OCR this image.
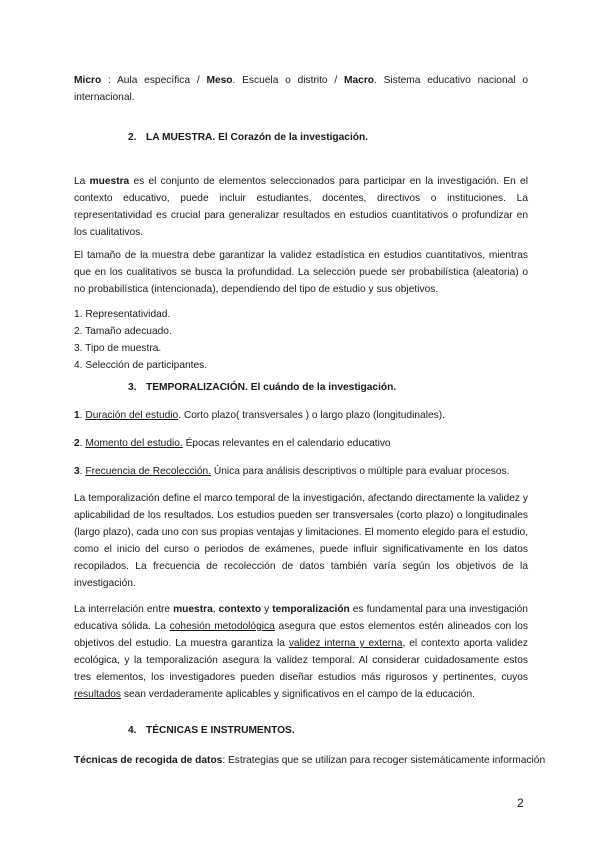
Micro : Aula específica / Meso. Escuela o distrito / Macro. Sistema educativo nacional o internacional.

2. LA MUESTRA. El Corazón de la investigación.

La muestra es el conjunto de elementos seleccionados para participar en la investigación. En el contexto educativo, puede incluir estudiantes, docentes, directivos o instituciones. La representatividad es crucial para generalizar resultados en estudios cuantitativos o profundizar en los cualitativos.

El tamaño de la muestra debe garantizar la validez estadística en estudios cuantitativos, mientras que en los cualitativos se busca la profundidad. La selección puede ser probabilística (aleatoria) o no probabilística (intencionada), dependiendo del tipo de estudio y sus objetivos.

1. Representatividad.
2. Tamaño adecuado.
3. Tipo de muestra.
4. Selección de participantes.
3. TEMPORALIZACIÓN. El cuándo de la investigación.

1. Duración del estudio. Corto plazo( transversales ) o largo plazo (longitudinales).

2. Momento del estudio. Épocas relevantes en el calendario educativo

3. Frecuencia de Recolección. Única para análisis descriptivos o múltiple para evaluar procesos.

La temporalización define el marco temporal de la investigación, afectando directamente la validez y aplicabilidad de los resultados. Los estudios pueden ser transversales (corto plazo) o longitudinales (largo plazo), cada uno con sus propias ventajas y limitaciones. El momento elegido para el estudio, como el inicio del curso o periodos de exámenes, puede influir significativamente en los datos recopilados. La frecuencia de recolección de datos también varía según los objetivos de la investigación.

La interrelación entre muestra, contexto y temporalización es fundamental para una investigación educativa sólida. La cohesión metodológica asegura que estos elementos estén alineados con los objetivos del estudio. La muestra garantiza la validez interna y externa, el contexto aporta validez ecológica, y la temporalización asegura la validez temporal. Al considerar cuidadosamente estos tres elementos, los investigadores pueden diseñar estudios más rigurosos y pertinentes, cuyos resultados sean verdaderamente aplicables y significativos en el campo de la educación.

4. TÉCNICAS E INSTRUMENTOS.

Técnicas de recogida de datos: Estrategias que se utilizan para recoger sistemáticamente información

2
